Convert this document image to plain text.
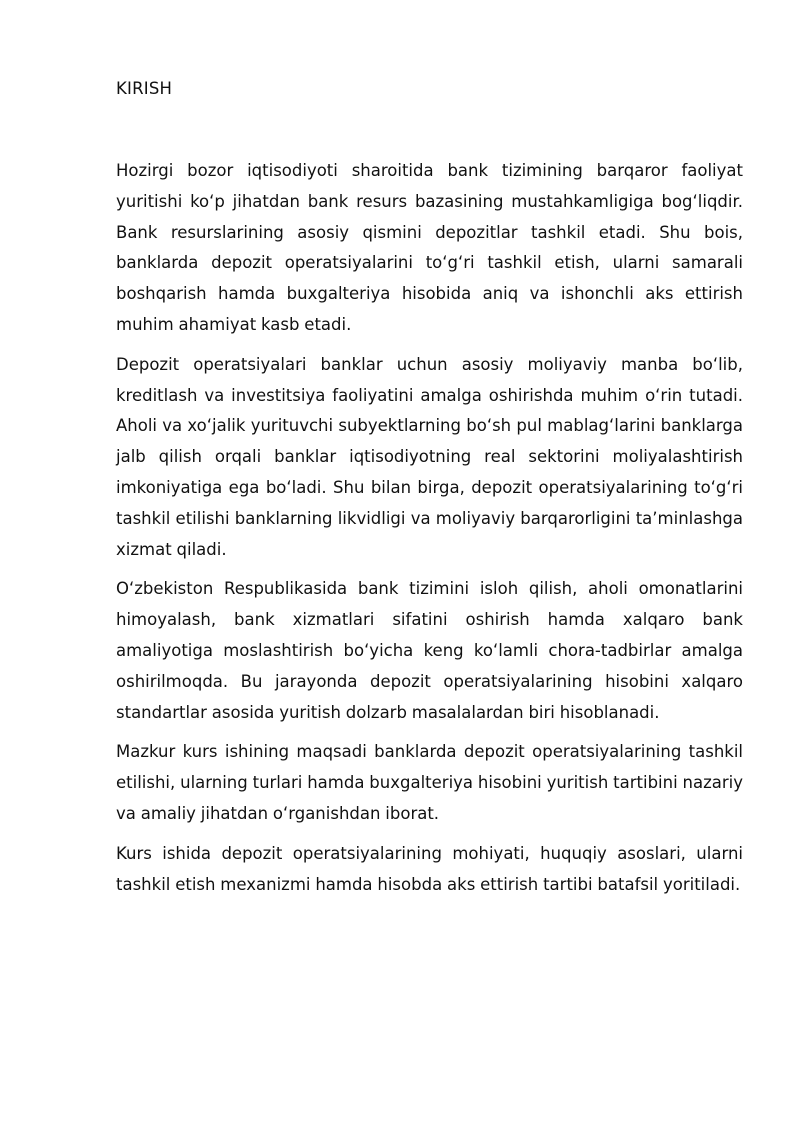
KIRISH

Hozirgi bozor iqtisodiyoti sharoitida bank tizimining barqaror faoliyat yuritishi koʻp jihatdan bank resurs bazasining mustahkamligiga bogʻliqdir. Bank resurslarining asosiy qismini depozitlar tashkil etadi. Shu bois, banklarda depozit operatsiyalarini toʻgʻri tashkil etish, ularni samarali boshqarish hamda buxgalteriya hisobida aniq va ishonchli aks ettirish muhim ahamiyat kasb etadi.

Depozit operatsiyalari banklar uchun asosiy moliyaviy manba boʻlib, kreditlash va investitsiya faoliyatini amalga oshirishda muhim oʻrin tutadi. Aholi va xoʻjalik yurituvchi subyektlarning boʻsh pul mablagʻlarini banklarga jalb qilish orqali banklar iqtisodiyotning real sektorini moliyalashtirish imkoniyatiga ega boʻladi. Shu bilan birga, depozit operatsiyalarining toʻgʻri tashkil etilishi banklarning likvidligi va moliyaviy barqarorligini taʼminlashga xizmat qiladi.

Oʻzbekiston Respublikasida bank tizimini isloh qilish, aholi omonatlarini himoyalash, bank xizmatlari sifatini oshirish hamda xalqaro bank amaliyotiga moslashtirish boʻyicha keng koʻlamli chora-tadbirlar amalga oshirilmoqda. Bu jarayonda depozit operatsiyalarining hisobini xalqaro standartlar asosida yuritish dolzarb masalalardan biri hisoblanadi.

Mazkur kurs ishining maqsadi banklarda depozit operatsiyalarining tashkil etilishi, ularning turlari hamda buxgalteriya hisobini yuritish tartibini nazariy va amaliy jihatdan oʻrganishdan iborat.

Kurs ishida depozit operatsiyalarining mohiyati, huquqiy asoslari, ularni tashkil etish mexanizmi hamda hisobda aks ettirish tartibi batafsil yoritiladi.
